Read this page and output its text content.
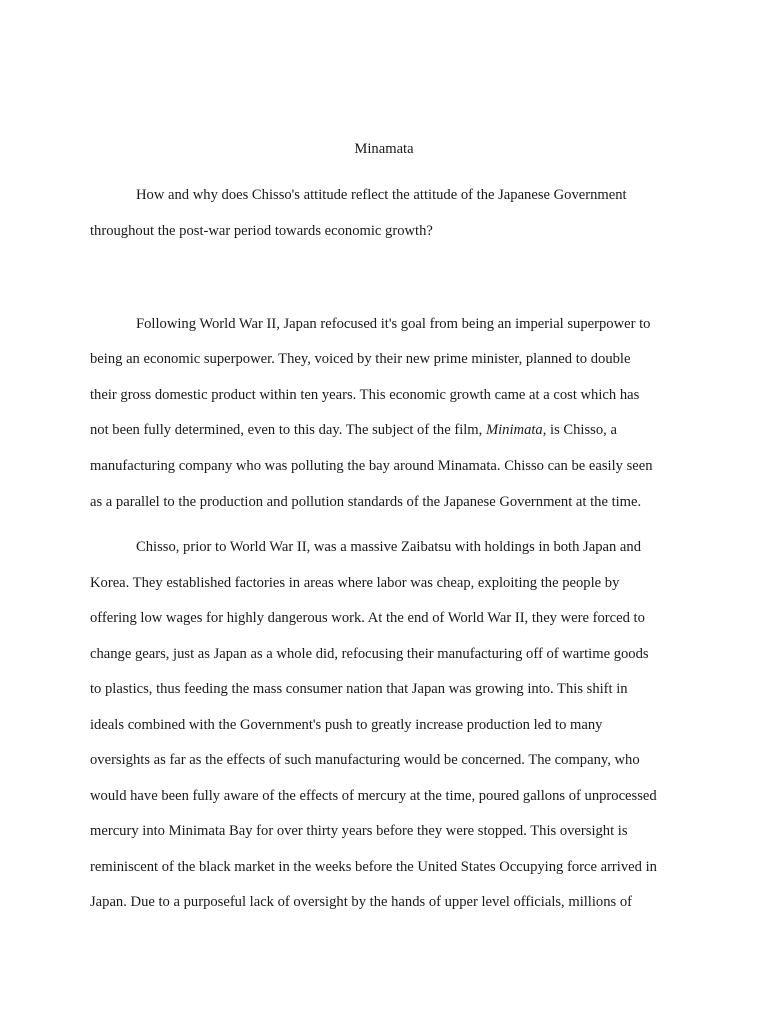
Minamata

How and why does Chisso's attitude reflect the attitude of the Japanese Government

throughout the post-war period towards economic growth?

Following World War II, Japan refocused it's goal from being an imperial superpower to

being an economic superpower. They, voiced by their new prime minister, planned to double

their gross domestic product within ten years. This economic growth came at a cost which has

not been fully determined, even to this day. The subject of the film, Minimata, is Chisso, a

manufacturing company who was polluting the bay around Minamata. Chisso can be easily seen

as a parallel to the production and pollution standards of the Japanese Government at the time.

Chisso, prior to World War II, was a massive Zaibatsu with holdings in both Japan and

Korea. They established factories in areas where labor was cheap, exploiting the people by

offering low wages for highly dangerous work. At the end of World War II, they were forced to

change gears, just as Japan as a whole did, refocusing their manufacturing off of wartime goods

to plastics, thus feeding the mass consumer nation that Japan was growing into. This shift in

ideals combined with the Government's push to greatly increase production led to many

oversights as far as the effects of such manufacturing would be concerned. The company, who

would have been fully aware of the effects of mercury at the time, poured gallons of unprocessed

mercury into Minimata Bay for over thirty years before they were stopped. This oversight is

reminiscent of the black market in the weeks before the United States Occupying force arrived in

Japan. Due to a purposeful lack of oversight by the hands of upper level officials, millions of
